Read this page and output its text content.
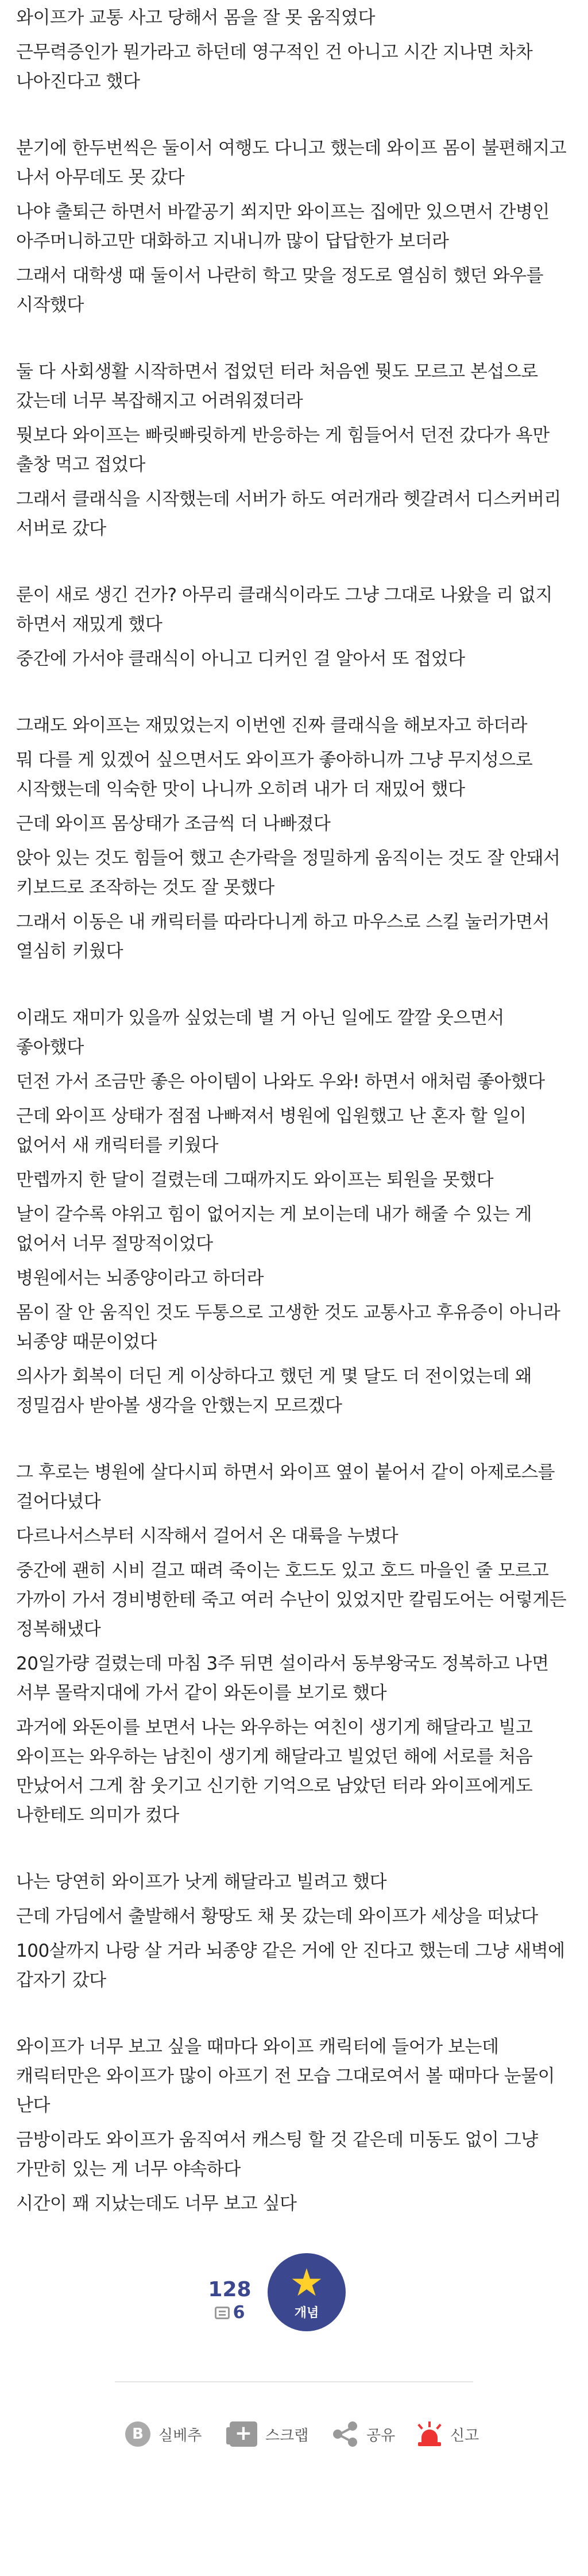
와이프가 교통 사고 당해서 몸을 잘 못 움직였다

근무력증인가 뭔가라고 하던데 영구적인 건 아니고 시간 지나면 차차 나아진다고 했다

분기에 한두번씩은 둘이서 여행도 다니고 했는데 와이프 몸이 불편해지고 나서 아무데도 못 갔다

나야 출퇴근 하면서 바깥공기 쐬지만 와이프는 집에만 있으면서 간병인 아주머니하고만 대화하고 지내니까 많이 답답한가 보더라

그래서 대학생 때 둘이서 나란히 학고 맞을 정도로 열심히 했던 와우를 시작했다

둘 다 사회생활 시작하면서 접었던 터라 처음엔 뭣도 모르고 본섭으로 갔는데 너무 복잡해지고 어려워졌더라

뭣보다 와이프는 빠릿빠릿하게 반응하는 게 힘들어서 던전 갔다가 욕만 출창 먹고 접었다

그래서 클래식을 시작했는데 서버가 하도 여러개라 헷갈려서 디스커버리 서버로 갔다

룬이 새로 생긴 건가? 아무리 클래식이라도 그냥 그대로 나왔을 리 없지 하면서 재밌게 했다

중간에 가서야 클래식이 아니고 디커인 걸 알아서 또 접었다

그래도 와이프는 재밌었는지 이번엔 진짜 클래식을 해보자고 하더라

뭐 다를 게 있겠어 싶으면서도 와이프가 좋아하니까 그냥 무지성으로 시작했는데 익숙한 맛이 나니까 오히려 내가 더 재밌어 했다

근데 와이프 몸상태가 조금씩 더 나빠졌다

앉아 있는 것도 힘들어 했고 손가락을 정밀하게 움직이는 것도 잘 안돼서 키보드로 조작하는 것도 잘 못했다

그래서 이동은 내 캐릭터를 따라다니게 하고 마우스로 스킬 눌러가면서 열심히 키웠다

이래도 재미가 있을까 싶었는데 별 거 아닌 일에도 깔깔 웃으면서 좋아했다

던전 가서 조금만 좋은 아이템이 나와도 우와! 하면서 애처럼 좋아했다

근데 와이프 상태가 점점 나빠져서 병원에 입원했고 난 혼자 할 일이 없어서 새 캐릭터를 키웠다

만렙까지 한 달이 걸렸는데 그때까지도 와이프는 퇴원을 못했다

날이 갈수록 야위고 힘이 없어지는 게 보이는데 내가 해줄 수 있는 게 없어서 너무 절망적이었다

병원에서는 뇌종양이라고 하더라

몸이 잘 안 움직인 것도 두통으로 고생한 것도 교통사고 후유증이 아니라 뇌종양 때문이었다

의사가 회복이 더딘 게 이상하다고 했던 게 몇 달도 더 전이었는데 왜 정밀검사 받아볼 생각을 안했는지 모르겠다

그 후로는 병원에 살다시피 하면서 와이프 옆이 붙어서 같이 아제로스를 걸어다녔다

다르나서스부터 시작해서 걸어서 온 대륙을 누볐다

중간에 괜히 시비 걸고 때려 죽이는 호드도 있고 호드 마을인 줄 모르고 가까이 가서 경비병한테 죽고 여러 수난이 있었지만 칼림도어는 어렇게든 정복해냈다

20일가량 걸렸는데 마침 3주 뒤면 설이라서 동부왕국도 정복하고 나면 서부 몰락지대에 가서 같이 와돈이를 보기로 했다

과거에 와돈이를 보면서 나는 와우하는 여친이 생기게 해달라고 빌고 와이프는 와우하는 남친이 생기게 해달라고 빌었던 해에 서로를 처음 만났어서 그게 참 웃기고 신기한 기억으로 남았던 터라 와이프에게도 나한테도 의미가 컸다

나는 당연히 와이프가 낫게 해달라고 빌려고 했다

근데 가딤에서 출발해서 황땅도 채 못 갔는데 와이프가 세상을 떠났다

100살까지 나랑 살 거라 뇌종양 같은 거에 안 진다고 했는데 그냥 새벽에 갑자기 갔다

와이프가 너무 보고 싶을 때마다 와이프 캐릭터에 들어가 보는데 캐릭터만은 와이프가 많이 아프기 전 모습 그대로여서 볼 때마다 눈물이 난다

금방이라도 와이프가 움직여서 캐스팅 할 것 같은데 미동도 없이 그냥 가만히 있는 게 너무 야속하다

시간이 꽤 지났는데도 너무 보고 싶다

128
6
★
개념
B	실베추
+	스크랩	공유	신고
